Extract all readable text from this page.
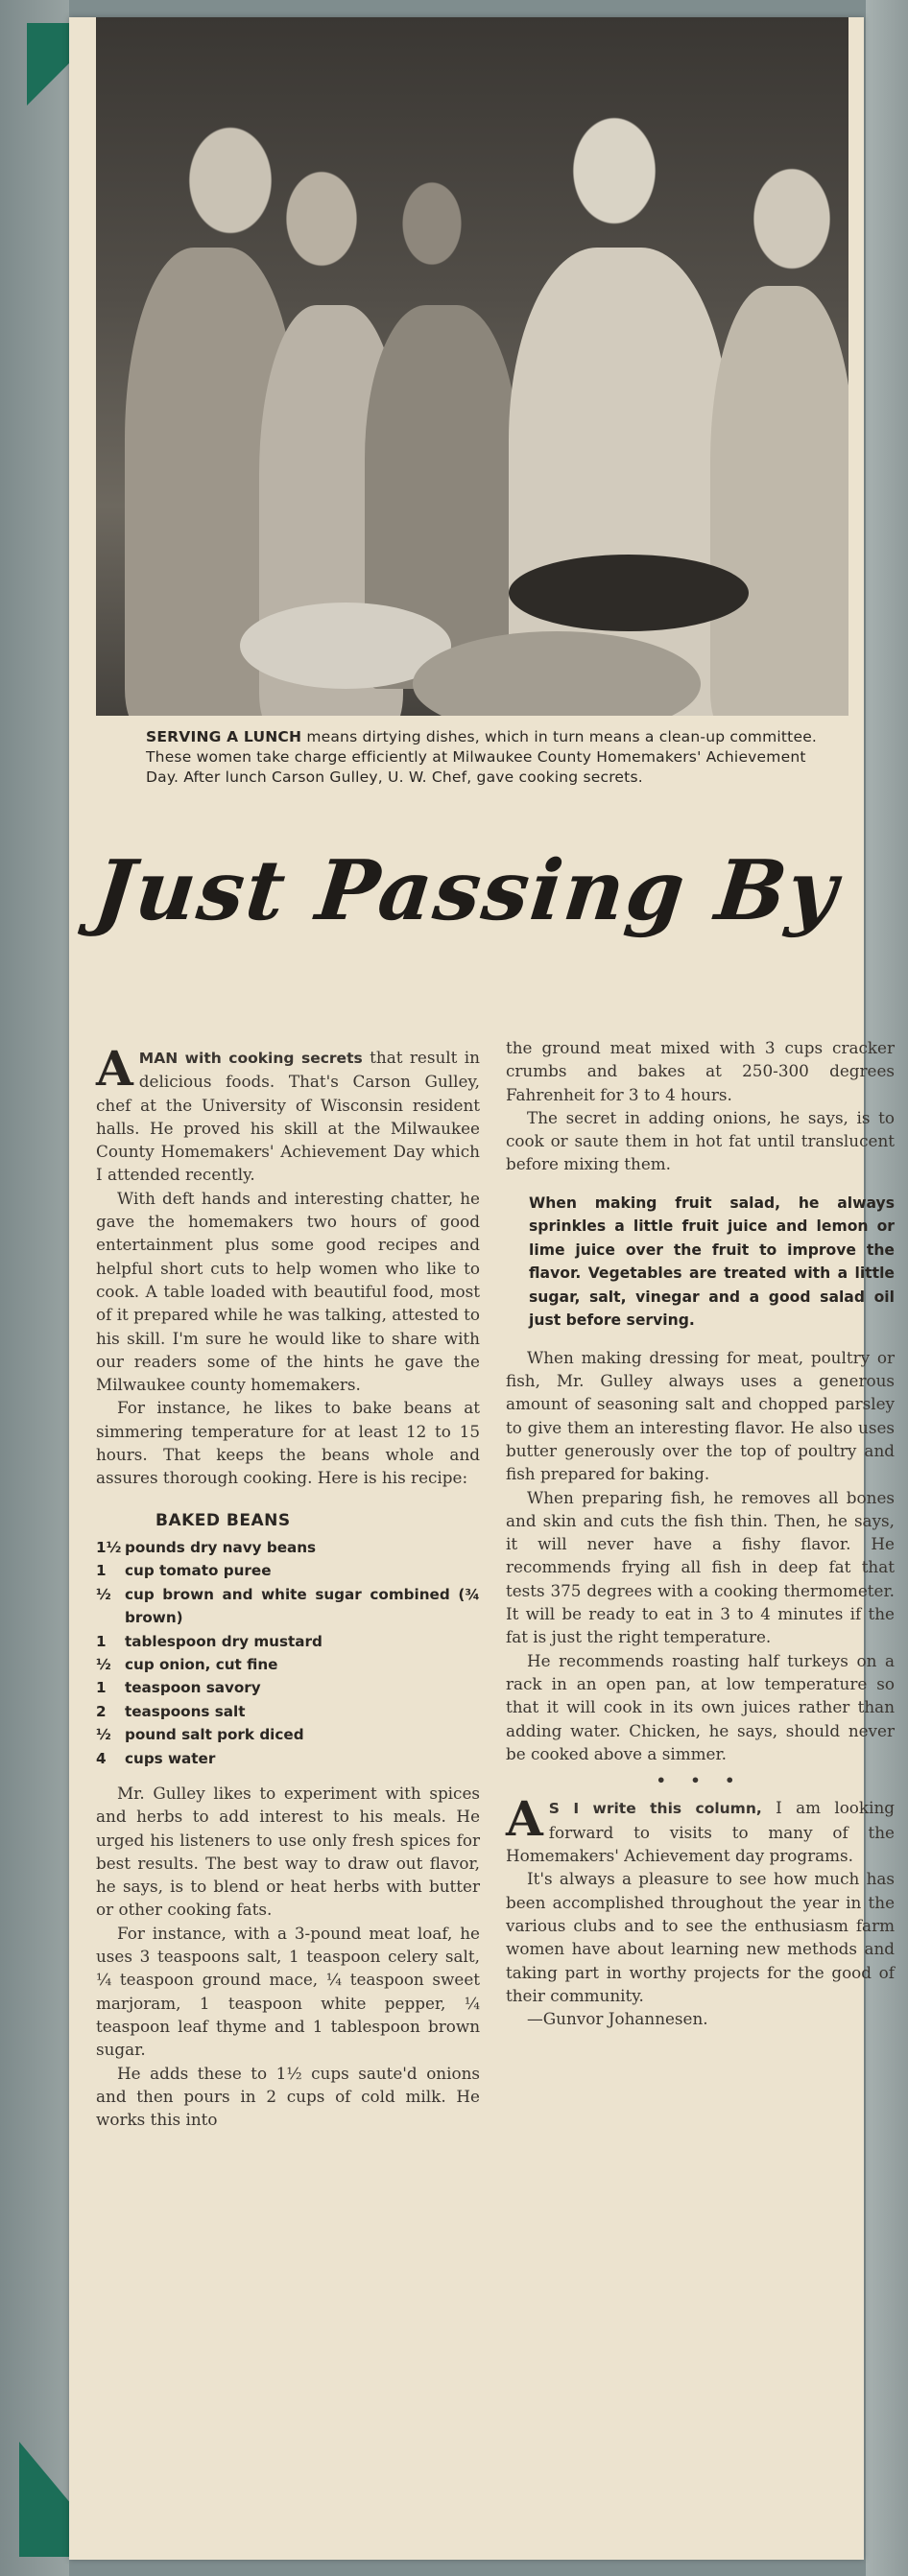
SERVING A LUNCH means dirtying dishes, which in turn means a clean-up committee. These women take charge efficiently at Milwaukee County Homemakers' Achievement Day. After lunch Carson Gulley, U. W. Chef, gave cooking secrets.
Just Passing By

A MAN with cooking secrets that result in delicious foods. That's Carson Gulley, chef at the University of Wisconsin resident halls. He proved his skill at the Milwaukee County Homemakers' Achievement Day which I attended recently.

With deft hands and interesting chatter, he gave the homemakers two hours of good entertainment plus some good recipes and helpful short cuts to help women who like to cook. A table loaded with beautiful food, most of it prepared while he was talking, attested to his skill. I'm sure he would like to share with our readers some of the hints he gave the Milwaukee county homemakers.

For instance, he likes to bake beans at simmering temperature for at least 12 to 15 hours. That keeps the beans whole and assures thorough cooking. Here is his recipe:

BAKED BEANS
1½ pounds dry navy beans
1	cup tomato puree
½ cup brown and white sugar combined (¾ brown)
1	tablespoon dry mustard
½ cup onion, cut fine
1	teaspoon savory
2	teaspoons salt
½ pound salt pork diced
4	cups water

Mr. Gulley likes to experiment with spices and herbs to add interest to his meals. He urged his listeners to use only fresh spices for best results. The best way to draw out flavor, he says, is to blend or heat herbs with butter or other cooking fats.

For instance, with a 3-pound meat loaf, he uses 3 teaspoons salt, 1 teaspoon celery salt, ¼ teaspoon ground mace, ¼ teaspoon sweet marjoram, 1 teaspoon white pepper, ¼ teaspoon leaf thyme and 1 tablespoon brown sugar.

He adds these to 1½ cups saute'd onions and then pours in 2 cups of cold milk. He works this into

the ground meat mixed with 3 cups cracker crumbs and bakes at 250-300 degrees Fahrenheit for 3 to 4 hours.

The secret in adding onions, he says, is to cook or saute them in hot fat until translucent before mixing them.

When making fruit salad, he always sprinkles a little fruit juice and lemon or lime juice over the fruit to improve the flavor. Vegetables are treated with a little sugar, salt, vinegar and a good salad oil just before serving.

When making dressing for meat, poultry or fish, Mr. Gulley always uses a generous amount of seasoning salt and chopped parsley to give them an interesting flavor. He also uses butter generously over the top of poultry and fish prepared for baking.

When preparing fish, he removes all bones and skin and cuts the fish thin. Then, he says, it will never have a fishy flavor. He recommends frying all fish in deep fat that tests 375 degrees with a cooking thermometer. It will be ready to eat in 3 to 4 minutes if the fat is just the right temperature.

He recommends roasting half turkeys on a rack in an open pan, at low temperature so that it will cook in its own juices rather than adding water. Chicken, he says, should never be cooked above a simmer.

• • •

A S I write this column, I am looking forward to visits to many of the Homemakers' Achievement day programs.

It's always a pleasure to see how much has been accomplished throughout the year in the various clubs and to see the enthusiasm farm women have about learning new methods and taking part in worthy projects for the good of their community.

—Gunvor Johannesen.
